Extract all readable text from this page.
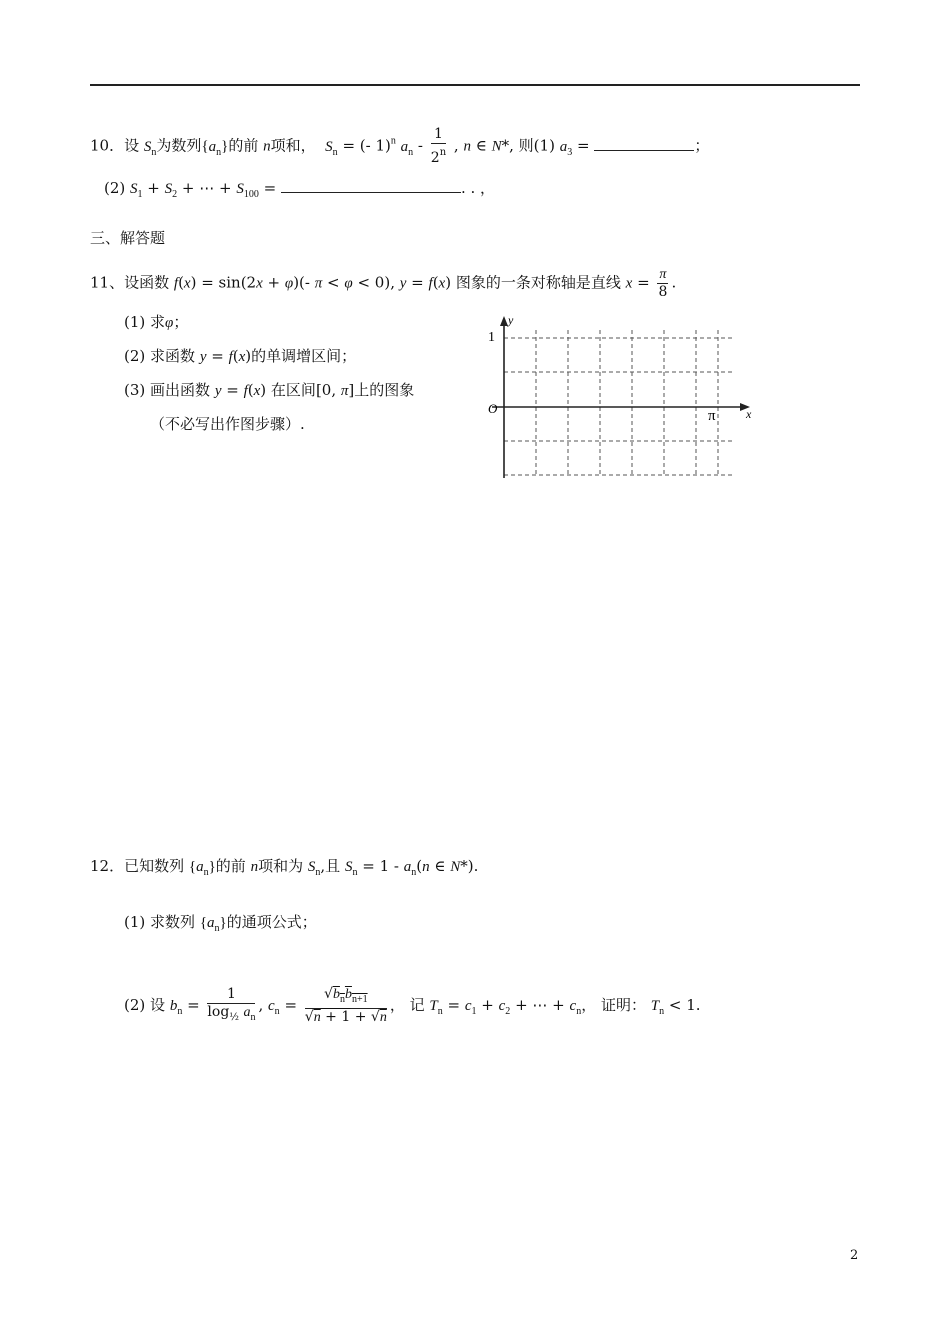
10．设 $S_n$为数列$\{a_n\}$的前 n项和， $S_n$ = (- 1)$^n$ $a_n - \frac{1}{2^n}$ , n ∈ N*, 则(1) $a_3$ =	；
(2) $S_1 + S_2$ + ⋯ + $S_{100}$ =	. . ，
三、解答题
11、设函数 f(x) = sin(2x + φ)(- π < φ < 0), y = f(x) 图象的一条对称轴是直线 $x = \frac{\pi}{8}$ .
(1) 求φ；
(2) 求函数 y = f(x)的单调增区间；
(3) 画出函数 y = f(x) 在区间[0, π]上的图象
（不必写出作图步骤）.
y
1
O	π	x
12．已知数列 $\{a_n\}$的前 n项和为 $S_n$,且 $S_n = 1 - a_n(n$ ∈ N*).
(1) 求数列 $\{a_n\}$的通项公式；
(2) 设 $b_n = \frac{1}{\log_{\frac{1}{2}} a_n}$ , $c_n = \frac{√b_nb_{n+1}}{√n + 1 + √n}$ ， 记 $T_n = c_1 + c_2$ + ⋯ + $c_n$， 证明： $T_n < 1$.
2
